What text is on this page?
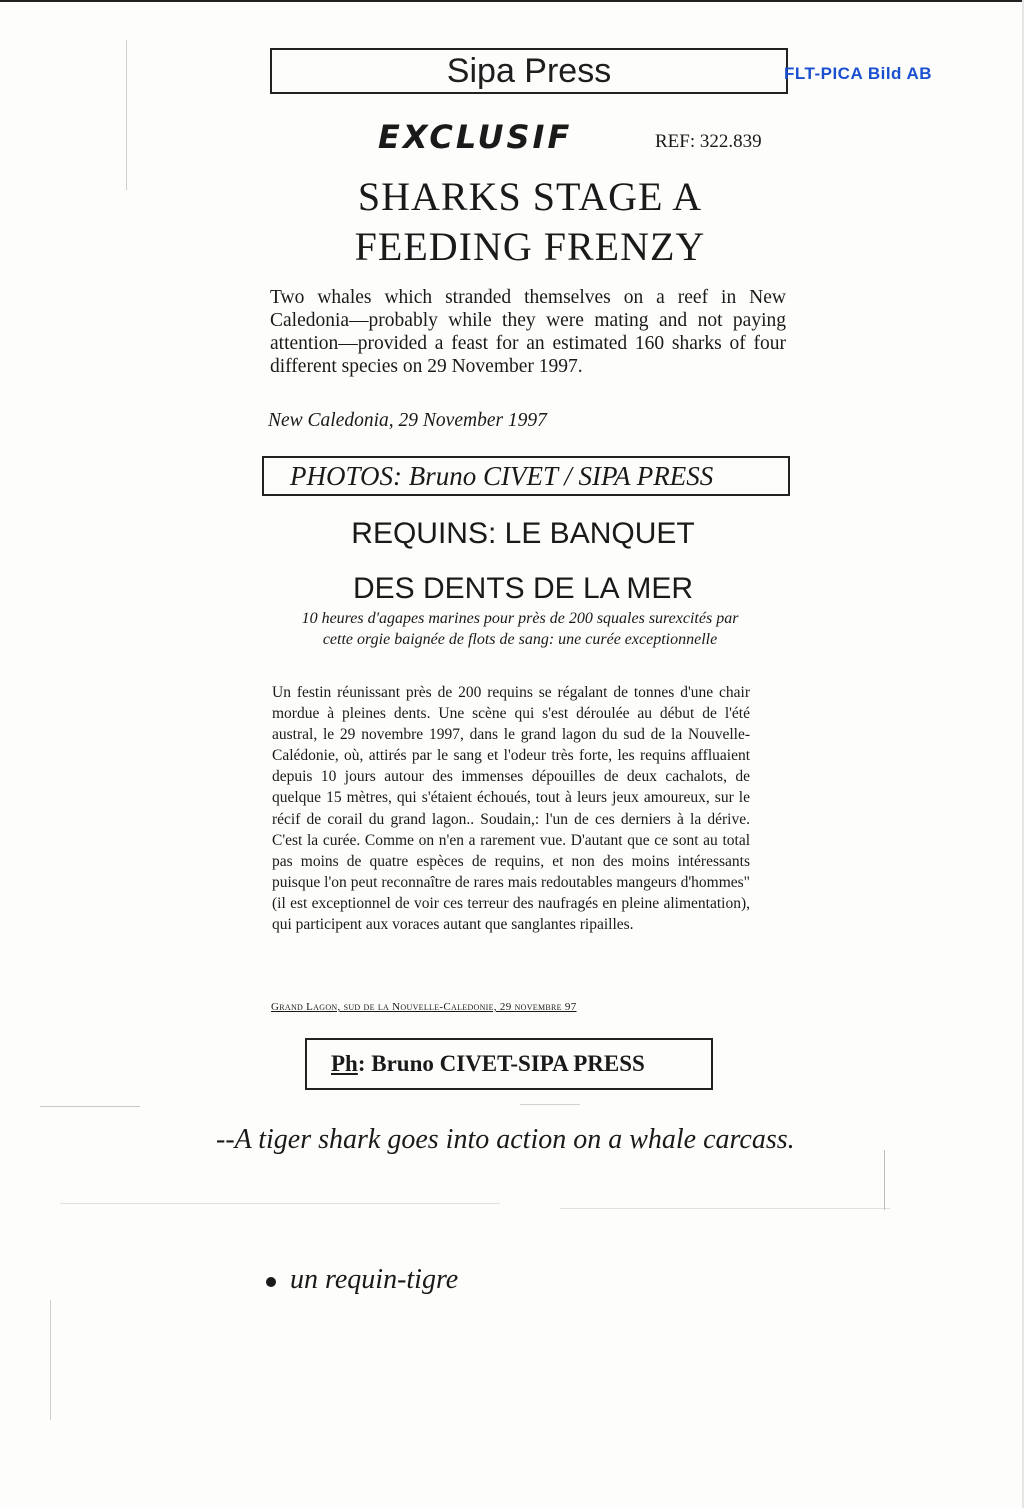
Sipa Press	FLT-PICA Bild AB
EXCLUSIF	REF: 322.839
SHARKS STAGE A FEEDING FRENZY
Two whales which stranded themselves on a reef in New Caledonia—probably while they were mating and not paying attention—provided a feast for an estimated 160 sharks of four different species on 29 November 1997.
New Caledonia, 29 November 1997
PHOTOS: Bruno CIVET / SIPA PRESS
REQUINS: LE BANQUET
DES DENTS DE LA MER
10 heures d'agapes marines pour près de 200 squales surexcités par cette orgie baignée de flots de sang: une curée exceptionnelle
Un festin réunissant près de 200 requins se régalant de tonnes d'une chair mordue à pleines dents. Une scène qui s'est déroulée au début de l'été austral, le 29 novembre 1997, dans le grand lagon du sud de la Nouvelle-Calédonie, où, attirés par le sang et l'odeur très forte, les requins affluaient depuis 10 jours autour des immenses dépouilles de deux cachalots, de quelque 15 mètres, qui s'étaient échoués, tout à leurs jeux amoureux, sur le récif de corail du grand lagon.. Soudain,: l'un de ces derniers à la dérive. C'est la curée. Comme on n'en a rarement vue. D'autant que ce sont au total pas moins de quatre espèces de requins, et non des moins intéressants puisque l'on peut reconnaître de rares mais redoutables mangeurs d'hommes" (il est exceptionnel de voir ces terreur des naufragés en pleine alimentation), qui participent aux voraces autant que sanglantes ripailles.
Grand Lagon, sud de la Nouvelle-Caledonie, 29 novembre 97
Ph : Bruno CIVET-SIPA PRESS
--A tiger shark goes into action on a whale carcass.
un requin-tigre
